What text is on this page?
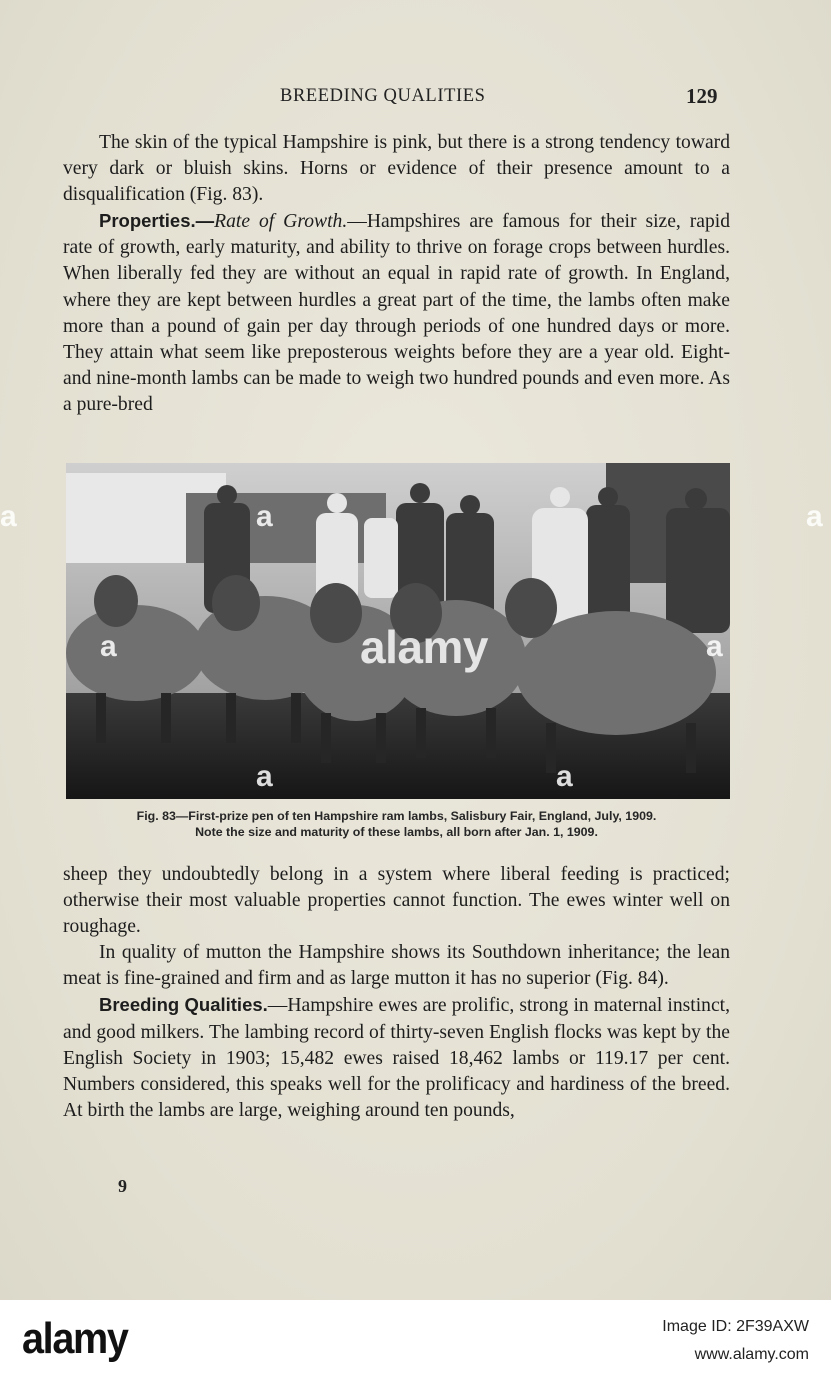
BREEDING QUALITIES	129

The skin of the typical Hampshire is pink, but there is a strong tendency toward very dark or bluish skins. Horns or evidence of their presence amount to a disqualification (Fig. 83).

Properties.—Rate of Growth.—Hampshires are famous for their size, rapid rate of growth, early maturity, and ability to thrive on forage crops between hurdles. When liberally fed they are without an equal in rapid rate of growth. In England, where they are kept between hurdles a great part of the time, the lambs often make more than a pound of gain per day through periods of one hundred days or more. They attain what seem like preposterous weights before they are a year old. Eight- and nine-month lambs can be made to weigh two hundred pounds and even more. As a pure-bred

Fig. 83—First-prize pen of ten Hampshire ram lambs, Salisbury Fair, England, July, 1909.
Note the size and maturity of these lambs, all born after Jan. 1, 1909.

sheep they undoubtedly belong in a system where liberal feeding is practiced; otherwise their most valuable properties cannot function. The ewes winter well on roughage.

In quality of mutton the Hampshire shows its Southdown inheritance; the lean meat is fine-grained and firm and as large mutton it has no superior (Fig. 84).

Breeding Qualities.—Hampshire ewes are prolific, strong in maternal instinct, and good milkers. The lambing record of thirty-seven English flocks was kept by the English Society in 1903; 15,482 ewes raised 18,462 lambs or 119.17 per cent. Numbers considered, this speaks well for the prolificacy and hardiness of the breed. At birth the lambs are large, weighing around ten pounds,

9
alamy
a
a	a
a	a
a	a
alamy	Image ID: 2F39AXW
www.alamy.com
